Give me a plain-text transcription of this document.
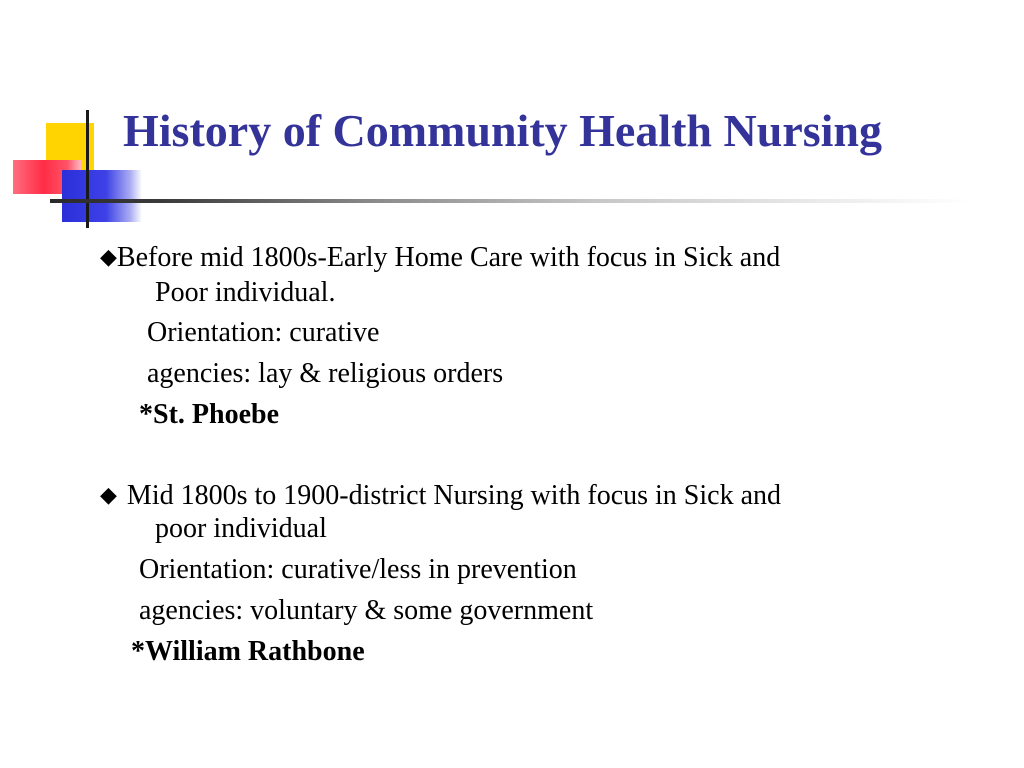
History of Community Health Nursing

◆Before mid 1800s-Early Home Care with focus in Sick and

Poor individual.

Orientation: curative

agencies: lay & religious orders

*St. Phoebe

◆ Mid 1800s to 1900-district Nursing with focus in Sick and

poor individual

Orientation: curative/less in prevention

agencies: voluntary & some government

*William Rathbone
